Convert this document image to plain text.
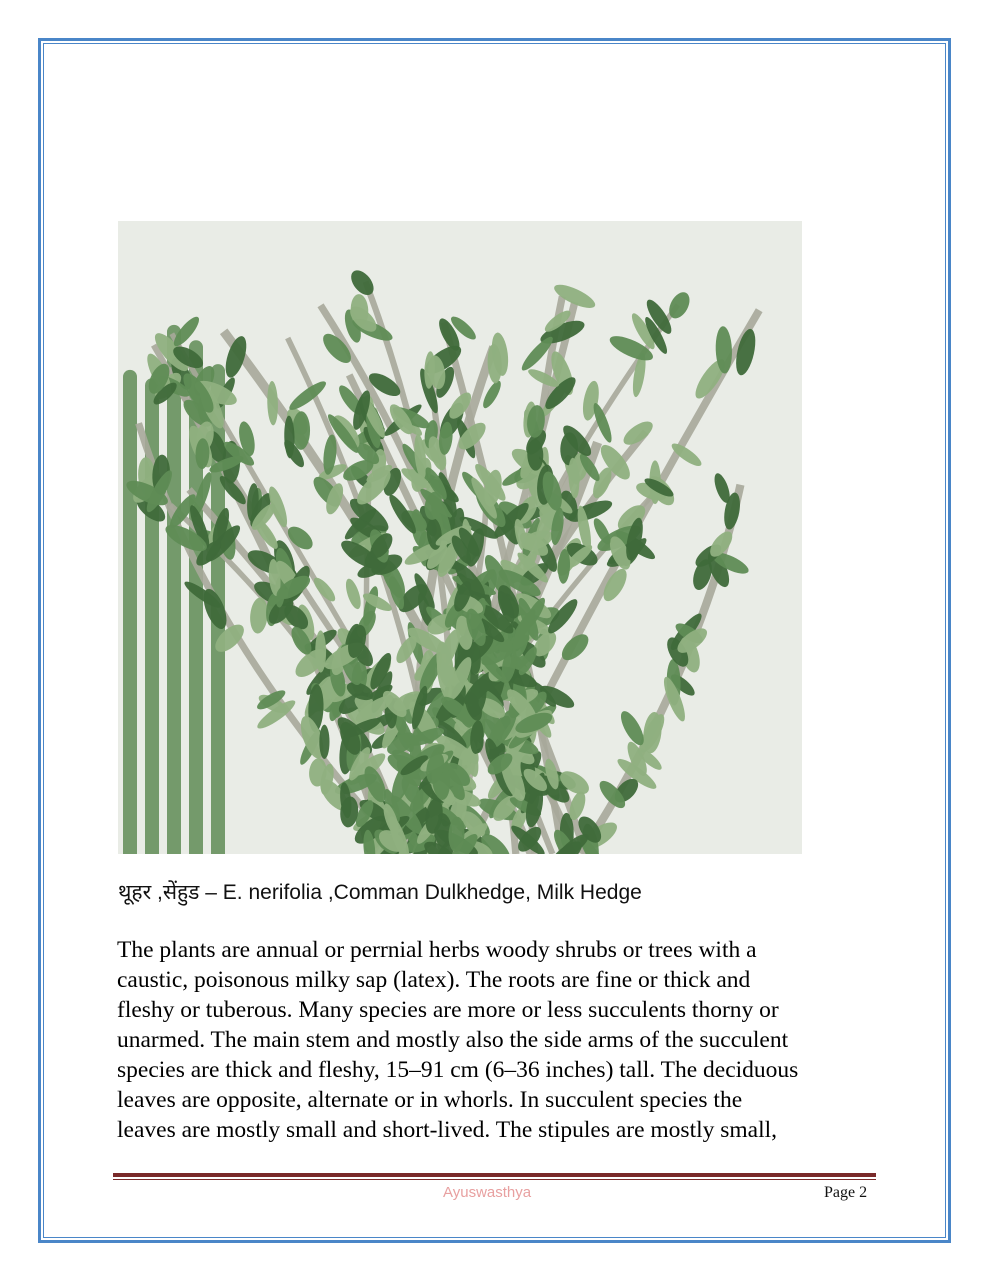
थूहर ,सेंहुड – E. nerifolia ,Comman Dulkhedge, Milk Hedge
The plants are annual or perrnial herbs woody shrubs or trees with a
caustic, poisonous milky sap (latex). The roots are fine or thick and
fleshy or tuberous. Many species are more or less succulents thorny or
unarmed. The main stem and mostly also the side arms of the succulent
species are thick and fleshy, 15–91 cm (6–36 inches) tall. The deciduous
leaves are opposite, alternate or in whorls. In succulent species the
leaves are mostly small and short-lived. The stipules are mostly small,
Ayuswasthya	Page 2
